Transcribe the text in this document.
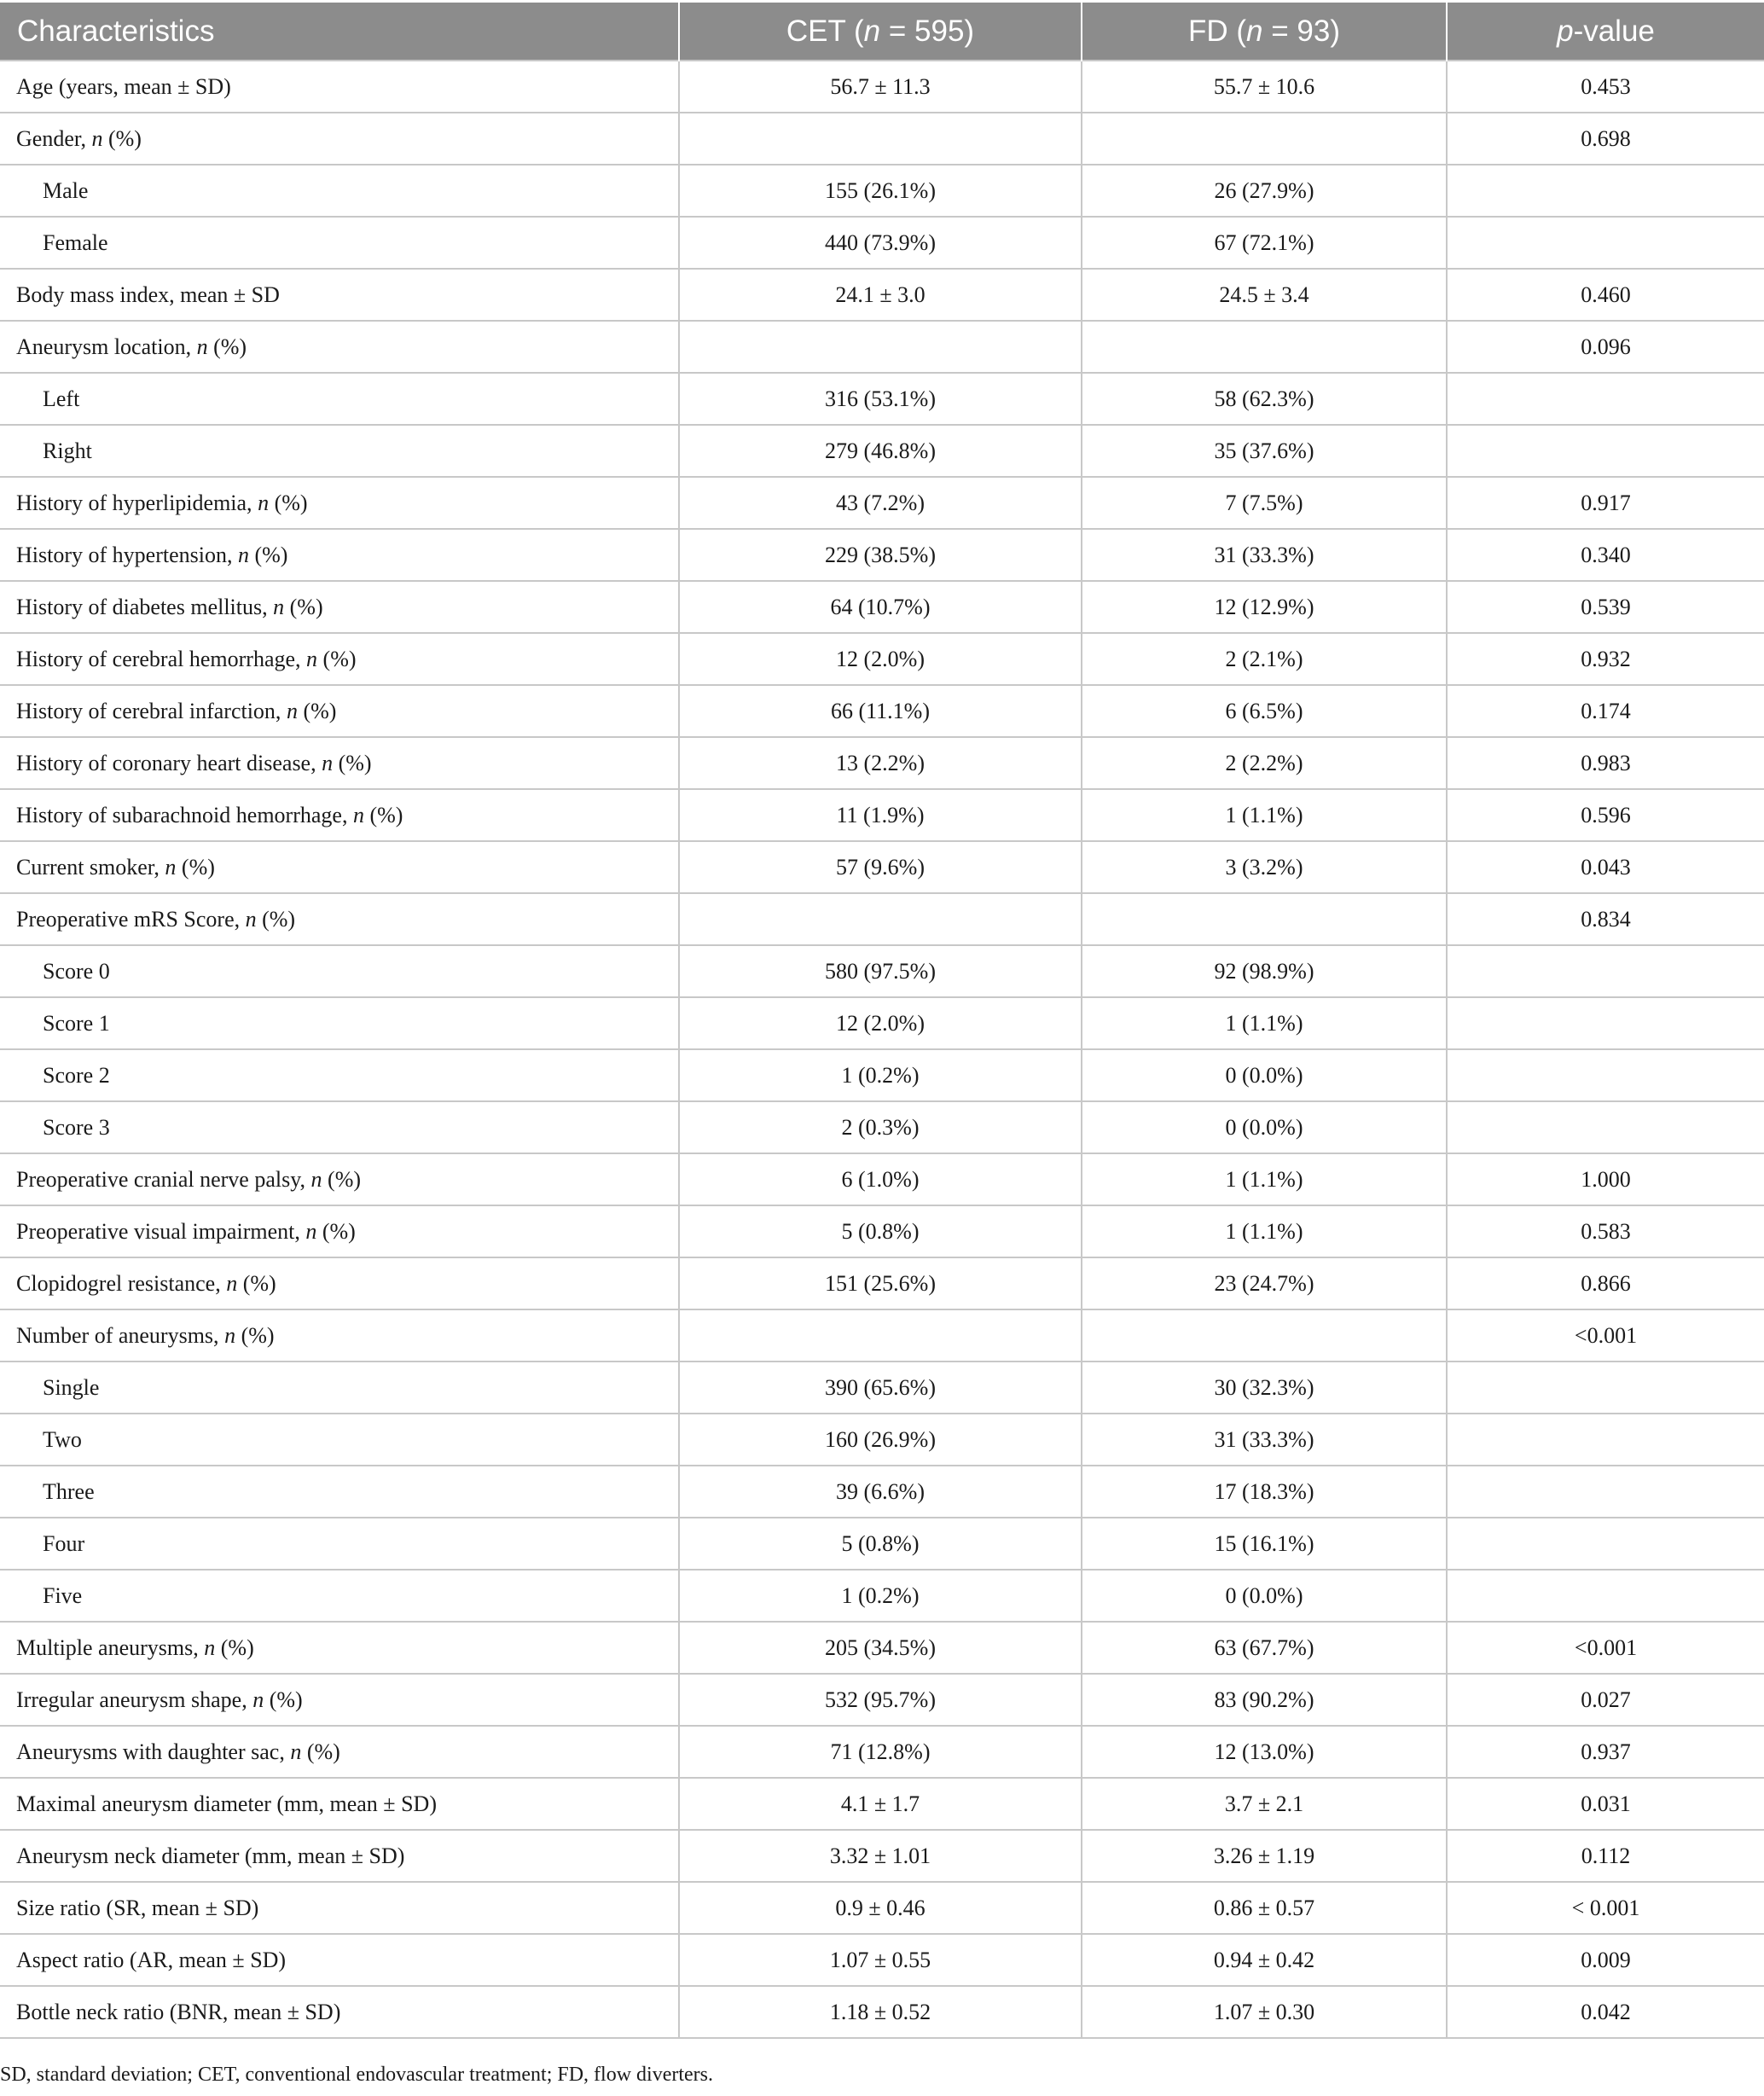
Characteristics	CET (n = 595)	FD (n = 93)	p-value
Age (years, mean ± SD)	56.7 ± 11.3	55.7 ± 10.6	0.453
Gender, n (%)			0.698
Male	155 (26.1%)	26 (27.9%)	
Female	440 (73.9%)	67 (72.1%)	
Body mass index, mean ± SD	24.1 ± 3.0	24.5 ± 3.4	0.460
Aneurysm location, n (%)			0.096
Left	316 (53.1%)	58 (62.3%)	
Right	279 (46.8%)	35 (37.6%)	
History of hyperlipidemia, n (%)	43 (7.2%)	7 (7.5%)	0.917
History of hypertension, n (%)	229 (38.5%)	31 (33.3%)	0.340
History of diabetes mellitus, n (%)	64 (10.7%)	12 (12.9%)	0.539
History of cerebral hemorrhage, n (%)	12 (2.0%)	2 (2.1%)	0.932
History of cerebral infarction, n (%)	66 (11.1%)	6 (6.5%)	0.174
History of coronary heart disease, n (%)	13 (2.2%)	2 (2.2%)	0.983
History of subarachnoid hemorrhage, n (%)	11 (1.9%)	1 (1.1%)	0.596
Current smoker, n (%)	57 (9.6%)	3 (3.2%)	0.043
Preoperative mRS Score, n (%)			0.834
Score 0	580 (97.5%)	92 (98.9%)	
Score 1	12 (2.0%)	1 (1.1%)	
Score 2	1 (0.2%)	0 (0.0%)	
Score 3	2 (0.3%)	0 (0.0%)	
Preoperative cranial nerve palsy, n (%)	6 (1.0%)	1 (1.1%)	1.000
Preoperative visual impairment, n (%)	5 (0.8%)	1 (1.1%)	0.583
Clopidogrel resistance, n (%)	151 (25.6%)	23 (24.7%)	0.866
Number of aneurysms, n (%)			<0.001
Single	390 (65.6%)	30 (32.3%)	
Two	160 (26.9%)	31 (33.3%)	
Three	39 (6.6%)	17 (18.3%)	
Four	5 (0.8%)	15 (16.1%)	
Five	1 (0.2%)	0 (0.0%)	
Multiple aneurysms, n (%)	205 (34.5%)	63 (67.7%)	<0.001
Irregular aneurysm shape, n (%)	532 (95.7%)	83 (90.2%)	0.027
Aneurysms with daughter sac, n (%)	71 (12.8%)	12 (13.0%)	0.937
Maximal aneurysm diameter (mm, mean ± SD)	4.1 ± 1.7	3.7 ± 2.1	0.031
Aneurysm neck diameter (mm, mean ± SD)	3.32 ± 1.01	3.26 ± 1.19	0.112
Size ratio (SR, mean ± SD)	0.9 ± 0.46	0.86 ± 0.57	< 0.001
Aspect ratio (AR, mean ± SD)	1.07 ± 0.55	0.94 ± 0.42	0.009
Bottle neck ratio (BNR, mean ± SD)	1.18 ± 0.52	1.07 ± 0.30	0.042
SD, standard deviation; CET, conventional endovascular treatment; FD, flow diverters.
